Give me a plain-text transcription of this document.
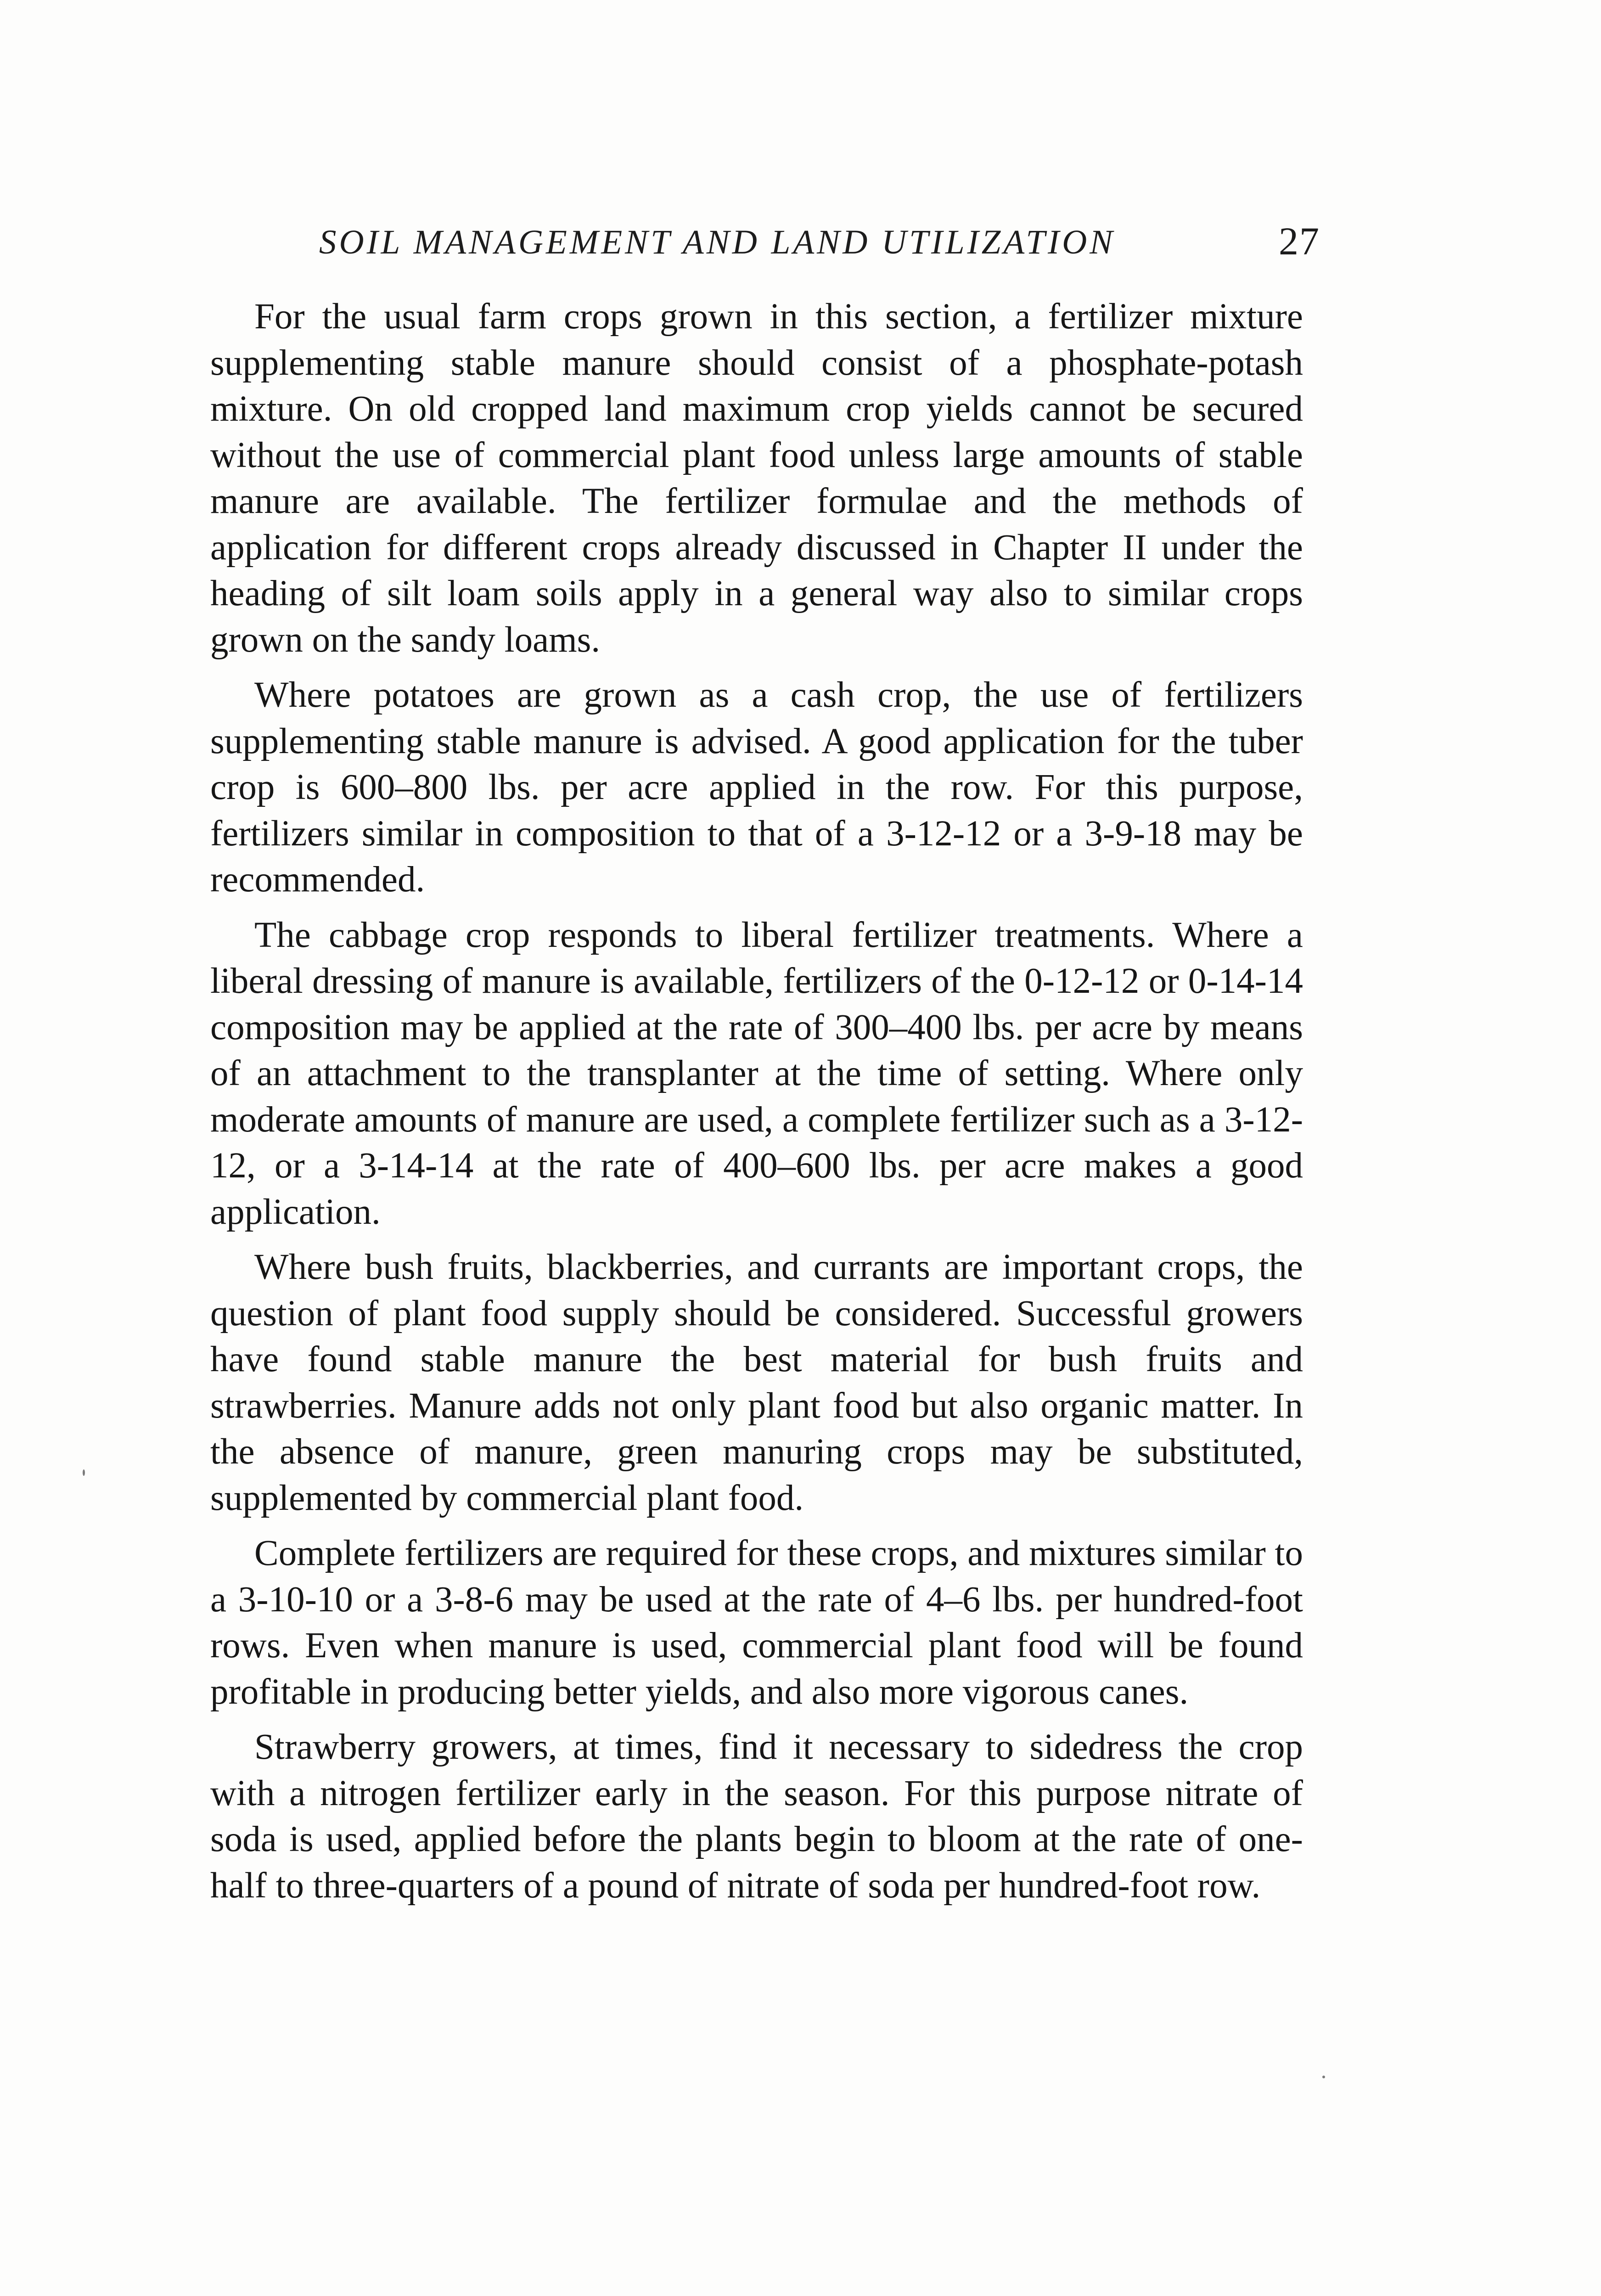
SOIL MANAGEMENT AND LAND UTILIZATION	27

For the usual farm crops grown in this section, a fertilizer mixture supplementing stable manure should consist of a phosphate-potash mixture. On old cropped land maximum crop yields cannot be secured without the use of commercial plant food unless large amounts of stable manure are available. The fertilizer formulae and the methods of application for different crops already discussed in Chapter II under the heading of silt loam soils apply in a general way also to similar crops grown on the sandy loams.

Where potatoes are grown as a cash crop, the use of fertilizers supplementing stable manure is advised. A good application for the tuber crop is 600–800 lbs. per acre applied in the row. For this purpose, fertilizers similar in composition to that of a 3-12-12 or a 3-9-18 may be recommended.

The cabbage crop responds to liberal fertilizer treatments. Where a liberal dressing of manure is available, fertilizers of the 0-12-12 or 0-14-14 composition may be applied at the rate of 300–400 lbs. per acre by means of an attachment to the transplanter at the time of setting. Where only moderate amounts of manure are used, a complete fertilizer such as a 3-12-12, or a 3-14-14 at the rate of 400–600 lbs. per acre makes a good application.

Where bush fruits, blackberries, and currants are important crops, the question of plant food supply should be considered. Successful growers have found stable manure the best material for bush fruits and strawberries. Manure adds not only plant food but also organic matter. In the absence of manure, green manuring crops may be substituted, supplemented by commercial plant food.

Complete fertilizers are required for these crops, and mixtures similar to a 3-10-10 or a 3-8-6 may be used at the rate of 4–6 lbs. per hundred-foot rows. Even when manure is used, commercial plant food will be found profitable in producing better yields, and also more vigorous canes.

Strawberry growers, at times, find it necessary to sidedress the crop with a nitrogen fertilizer early in the season. For this purpose nitrate of soda is used, applied before the plants begin to bloom at the rate of one-half to three-quarters of a pound of nitrate of soda per hundred-foot row.
